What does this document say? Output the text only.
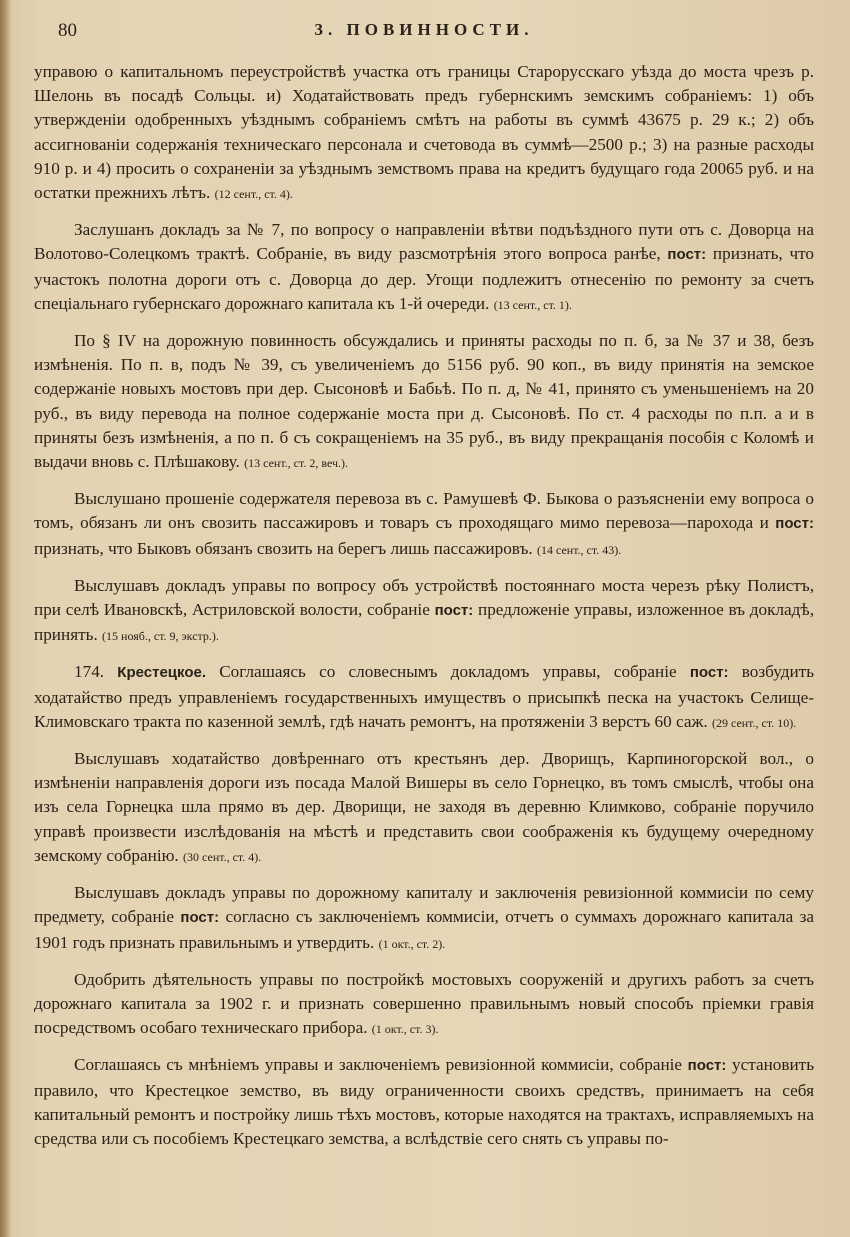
80	3. ПОВИННОСТИ.

управою о капитальномъ переустройствѣ участка отъ границы Старорусскаго уѣзда до моста чрезъ р. Шелонь въ посадѣ Сольцы. и) Ходатайствовать предъ губернскимъ земскимъ собраніемъ: 1) объ утвержденіи одобренныхъ уѣзднымъ собраніемъ смѣтъ на работы въ суммѣ 43675 р. 29 к.; 2) объ ассигнованіи содержанія техническаго персонала и счетовода въ суммѣ—2500 р.; 3) на разные расходы 910 р. и 4) просить о сохраненіи за уѣзднымъ земствомъ права на кредитъ будущаго года 20065 руб. и на остатки прежнихъ лѣтъ. (12 сент., ст. 4).

Заслушанъ докладъ за № 7, по вопросу о направленіи вѣтви подъѣздного пути отъ с. Доворца на Волотово-Солецкомъ трактѣ. Собраніе, въ виду разсмотрѣнія этого вопроса ранѣе, пост: признать, что участокъ полотна дороги отъ с. Доворца до дер. Угощи подлежитъ отнесенію по ремонту за счетъ спеціальнаго губернскаго дорожнаго капитала къ 1-й очереди. (13 сент., ст. 1).

По § IV на дорожную повинность обсуждались и приняты расходы по п. б, за № 37 и 38, безъ измѣненія. По п. в, подъ № 39, съ увеличеніемъ до 5156 руб. 90 коп., въ виду принятія на земское содержаніе новыхъ мостовъ при дер. Сысоновѣ и Бабьѣ. По п. д, № 41, принято съ уменьшеніемъ на 20 руб., въ виду перевода на полное содержаніе моста при д. Сысоновѣ. По ст. 4 расходы по п.п. а и в приняты безъ измѣненія, а по п. б съ сокращеніемъ на 35 руб., въ виду прекращанія пособія с Коломѣ и выдачи вновь с. Плѣшакову. (13 сент., ст. 2, веч.).

Выслушано прошеніе содержателя перевоза въ с. Рамушевѣ Ф. Быкова о разъясненіи ему вопроса о томъ, обязанъ ли онъ свозить пассажировъ и товаръ съ проходящаго мимо перевоза—парохода и пост: признать, что Быковъ обязанъ свозить на берегъ лишь пассажировъ. (14 сент., ст. 43).

Выслушавъ докладъ управы по вопросу объ устройствѣ постояннаго моста черезъ рѣку Полистъ, при селѣ Ивановскѣ, Астриловской волости, собраніе пост: предложеніе управы, изложенное въ докладѣ, принять. (15 нояб., ст. 9, экстр.).

174. Крестецкое. Соглашаясь со словеснымъ докладомъ управы, собраніе пост: возбудить ходатайство предъ управленіемъ государственныхъ имуществъ о присыпкѣ песка на участокъ Селище-Климовскаго тракта по казенной землѣ, гдѣ начать ремонтъ, на протяженіи 3 верстъ 60 саж. (29 сент., ст. 10).

Выслушавъ ходатайство довѣреннаго отъ крестьянъ дер. Дворищъ, Карпиногорской вол., о измѣненіи направленія дороги изъ посада Малой Вишеры въ село Горнецко, въ томъ смыслѣ, чтобы она изъ села Горнецка шла прямо въ дер. Дворищи, не заходя въ деревню Климково, собраніе поручило управѣ произвести изслѣдованія на мѣстѣ и представить свои соображенія къ будущему очередному земскому собранію. (30 сент., ст. 4).

Выслушавъ докладъ управы по дорожному капиталу и заключенія ревизіонной коммисіи по сему предмету, собраніе пост: согласно съ заключеніемъ коммисіи, отчетъ о суммахъ дорожнаго капитала за 1901 годъ признать правильнымъ и утвердить. (1 окт., ст. 2).

Одобрить дѣятельность управы по постройкѣ мостовыхъ сооруженій и другихъ работъ за счетъ дорожнаго капитала за 1902 г. и признать совершенно правильнымъ новый способъ пріемки гравія посредствомъ особаго техническаго прибора. (1 окт., ст. 3).

Соглашаясь съ мнѣніемъ управы и заключеніемъ ревизіонной коммисіи, собраніе пост: установить правило, что Крестецкое земство, въ виду ограниченности своихъ средствъ, принимаетъ на себя капитальный ремонтъ и постройку лишь тѣхъ мостовъ, которые находятся на трактахъ, исправляемыхъ на средства или съ пособіемъ Крестецкаго земства, а вслѣдствіе сего снять съ управы по-
